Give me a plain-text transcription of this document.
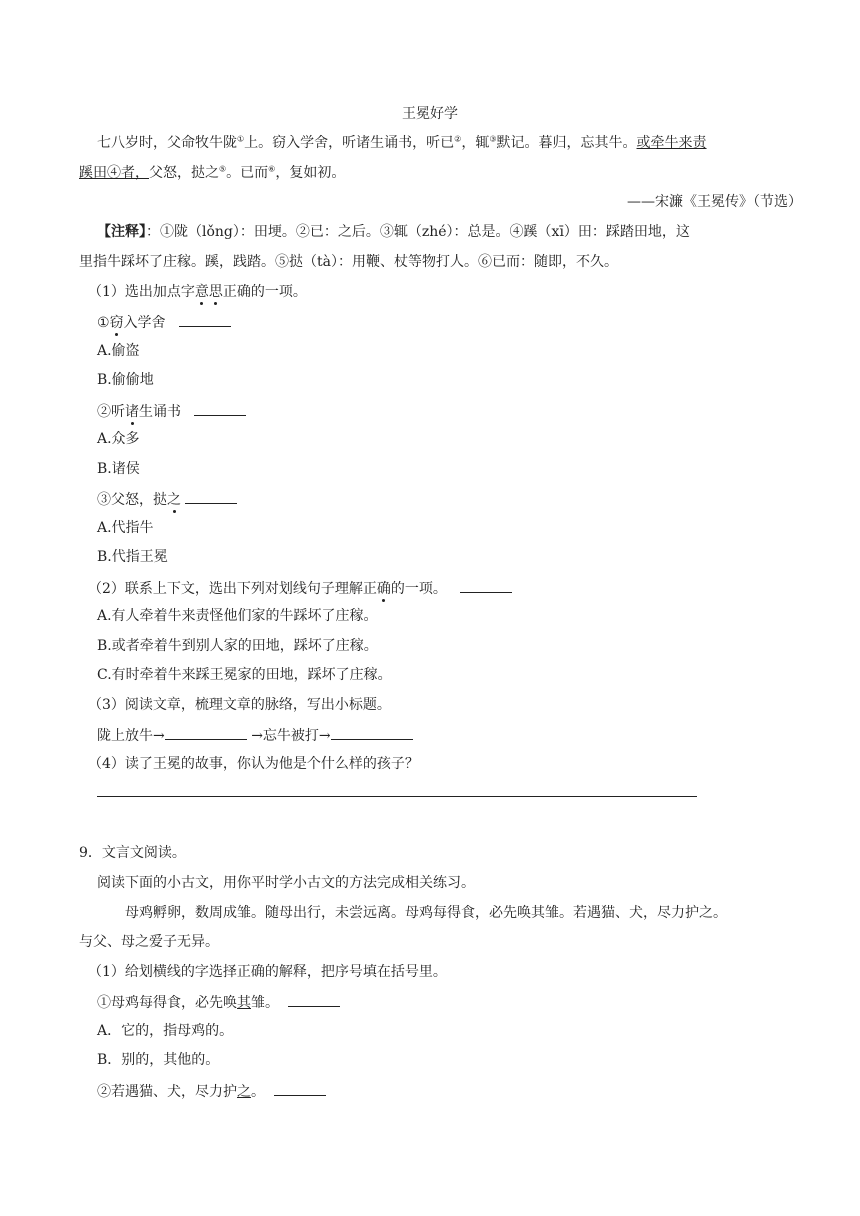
王冕好学
七八岁时，父命牧牛陇①上。窃入学舍，听诸生诵书，听已②，辄③默记。暮归，忘其牛。或牵牛来责
蹊田④者，父怒，挞之⑤。已而⑥，复如初。
——宋濂《王冕传》（节选）
【注释】：①陇（lǒng）：田埂。②已：之后。③辄（zhé）：总是。④蹊（xī）田：踩踏田地，这
里指牛踩坏了庄稼。蹊，践踏。⑤挞（tà）：用鞭、杖等物打人。⑥已而：随即，不久。
（1）选出加点字意思正确的一项。
①窃入学舍
A.偷盗
B.偷偷地
②听诸生诵书
A.众多
B.诸侯
③父怒，挞之
A.代指牛
B.代指王冕
（2）联系上下文，选出下列对划线句子理解正确的一项。
A.有人牵着牛来责怪他们家的牛踩坏了庄稼。
B.或者牵着牛到别人家的田地，踩坏了庄稼。
C.有时牵着牛来踩王冕家的田地，踩坏了庄稼。
（3）阅读文章，梳理文章的脉络，写出小标题。
陇上放牛→	→忘牛被打→
（4）读了王冕的故事，你认为他是个什么样的孩子？
9．文言文阅读。
阅读下面的小古文，用你平时学小古文的方法完成相关练习。
母鸡孵卵，数周成雏。随母出行，未尝远离。母鸡每得食，必先唤其雏。若遇猫、犬，尽力护之。
与父、母之爱子无异。
（1）给划横线的字选择正确的解释，把序号填在括号里。
①母鸡每得食，必先唤其雏。
A．它的，指母鸡的。
B．别的，其他的。
②若遇猫、犬，尽力护之。
